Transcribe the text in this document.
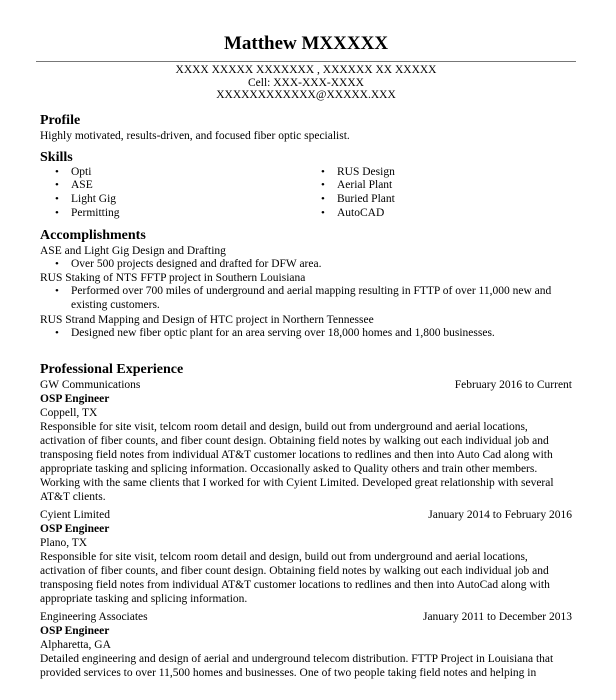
Matthew MXXXXX
XXXX XXXXX XXXXXXX , XXXXXX XX XXXXX
Cell: XXX-XXX-XXXX
XXXXXXXXXXXX@XXXXX.XXX
Profile

Highly motivated, results-driven, and focused fiber optic specialist.

Skills
• Opti
• ASE
• Light Gig
• Permitting
• RUS Design
• Aerial Plant
• Buried Plant
• AutoCAD
Accomplishments

ASE and Light Gig Design and Drafting

• Over 500 projects designed and drafted for DFW area.

RUS Staking of NTS FFTP project in Southern Louisiana

• Performed over 700 miles of underground and aerial mapping resulting in FTTP of over 11,000 new and existing customers.

RUS Strand Mapping and Design of HTC project in Northern Tennessee

• Designed new fiber optic plant for an area serving over 18,000 homes and 1,800 businesses.
Professional Experience
GW Communications	February 2016 to Current
OSP Engineer
Coppell, TX

Responsible for site visit, telcom room detail and design, build out from underground and aerial locations, activation of fiber counts, and fiber count design. Obtaining field notes by walking out each individual job and transposing field notes from individual AT&T customer locations to redlines and then into Auto Cad along with appropriate tasking and splicing information. Occasionally asked to Quality others and train other members. Working with the same clients that I worked for with Cyient Limited. Developed great relationship with several AT&T clients.

Cyient Limited	January 2014 to February 2016
OSP Engineer
Plano, TX

Responsible for site visit, telcom room detail and design, build out from underground and aerial locations, activation of fiber counts, and fiber count design. Obtaining field notes by walking out each individual job and transposing field notes from individual AT&T customer locations to redlines and then into AutoCad along with appropriate tasking and splicing information.

Engineering Associates	January 2011 to December 2013
OSP Engineer
Alpharetta, GA

Detailed engineering and design of aerial and underground telecom distribution. FTTP Project in Louisiana that provided services to over 11,500 homes and businesses. One of two people taking field notes and helping in
